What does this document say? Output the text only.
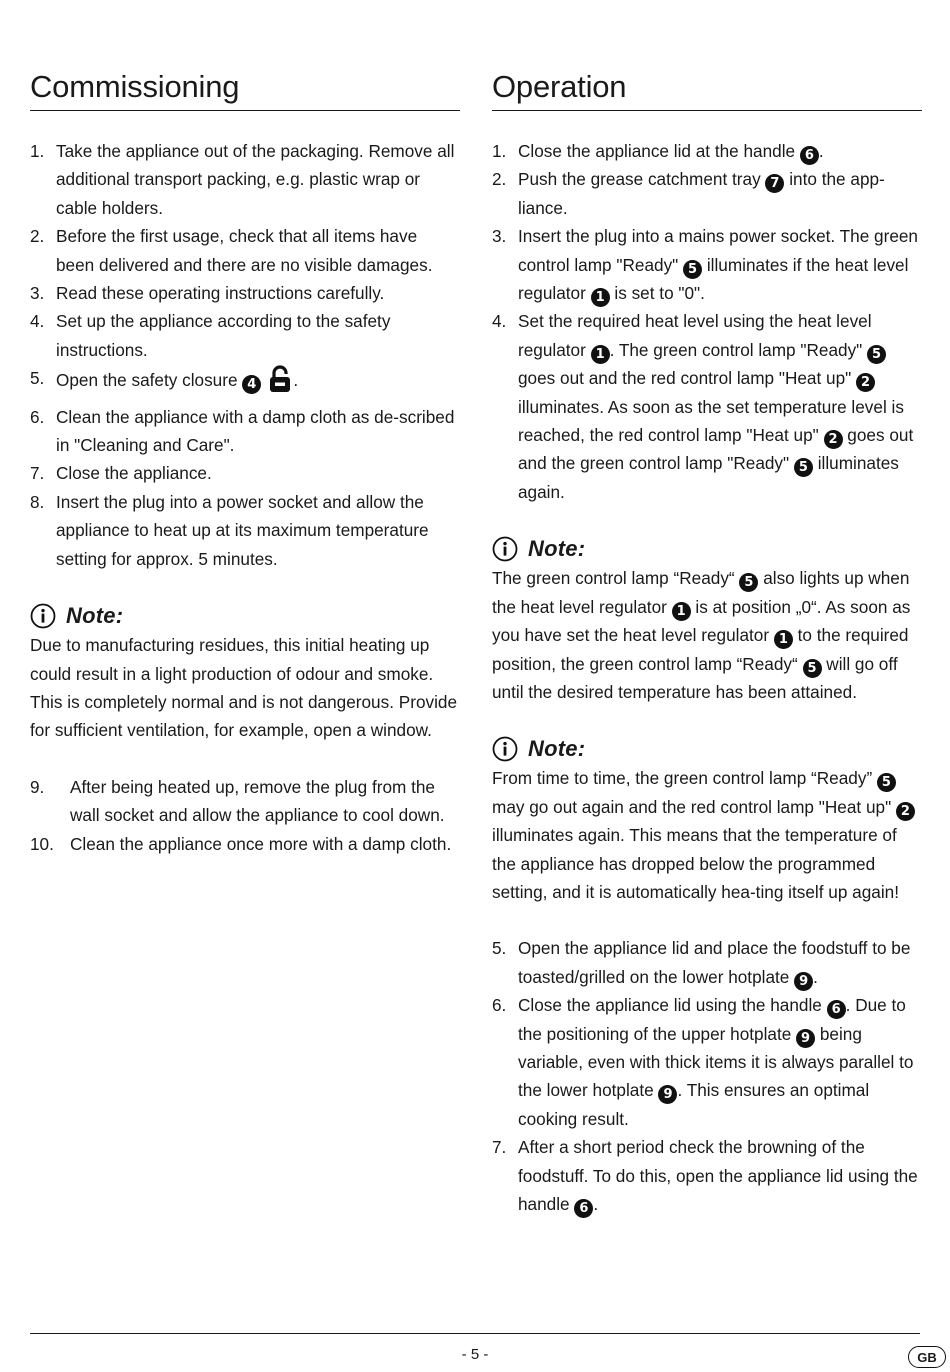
Commissioning
1. Take the appliance out of the packaging. Remove all additional transport packing, e.g. plastic wrap or cable holders.
2. Before the first usage, check that all items have been delivered and there are no visible damages.
3. Read these operating instructions carefully.
4. Set up the appliance according to the safety instructions.
5. Open the safety closure 4 .
6. Clean the appliance with a damp cloth as de-scribed in "Cleaning and Care".
7. Close the appliance.
8. Insert the plug into a power socket and allow the appliance to heat up at its maximum temperature setting for approx. 5 minutes.
Note:

Due to manufacturing residues, this initial heating up could result in a light production of odour and smoke. This is completely normal and is not dangerous. Provide for sufficient ventilation, for example, open a window.

9. After being heated up, remove the plug from the wall socket and allow the appliance to cool down.
10. Clean the appliance once more with a damp cloth.
Operation
1. Close the appliance lid at the handle 6 .
2. Push the grease catchment tray 7 into the app-liance.
3. Insert the plug into a mains power socket. The green control lamp "Ready" 5 illuminates if the heat level regulator 1 is set to "0".
4. Set the required heat level using the heat level regulator 1 . The green control lamp "Ready" 5 goes out and the red control lamp "Heat up" 2 illuminates. As soon as the set temperature level is reached, the red control lamp "Heat up" 2 goes out and the green control lamp "Ready" 5 illuminates again.
Note:

The green control lamp “Ready“ 5 also lights up when the heat level regulator 1 is at position „0“. As soon as you have set the heat level regulator 1 to the required position, the green control lamp “Ready“ 5 will go off until the desired temperature has been attained.

Note:

From time to time, the green control lamp “Ready” 5 may go out again and the red control lamp "Heat up" 2 illuminates again. This means that the temperature of the appliance has dropped below the programmed setting, and it is automatically hea-ting itself up again!

5. Open the appliance lid and place the foodstuff to be toasted/grilled on the lower hotplate 9 .
6. Close the appliance lid using the handle 6 . Due to the positioning of the upper hotplate 9 being variable, even with thick items it is always parallel to the lower hotplate 9 . This ensures an optimal cooking result.
7. After a short period check the browning of the foodstuff. To do this, open the appliance lid using the handle 6 .
- 5 -	GB
